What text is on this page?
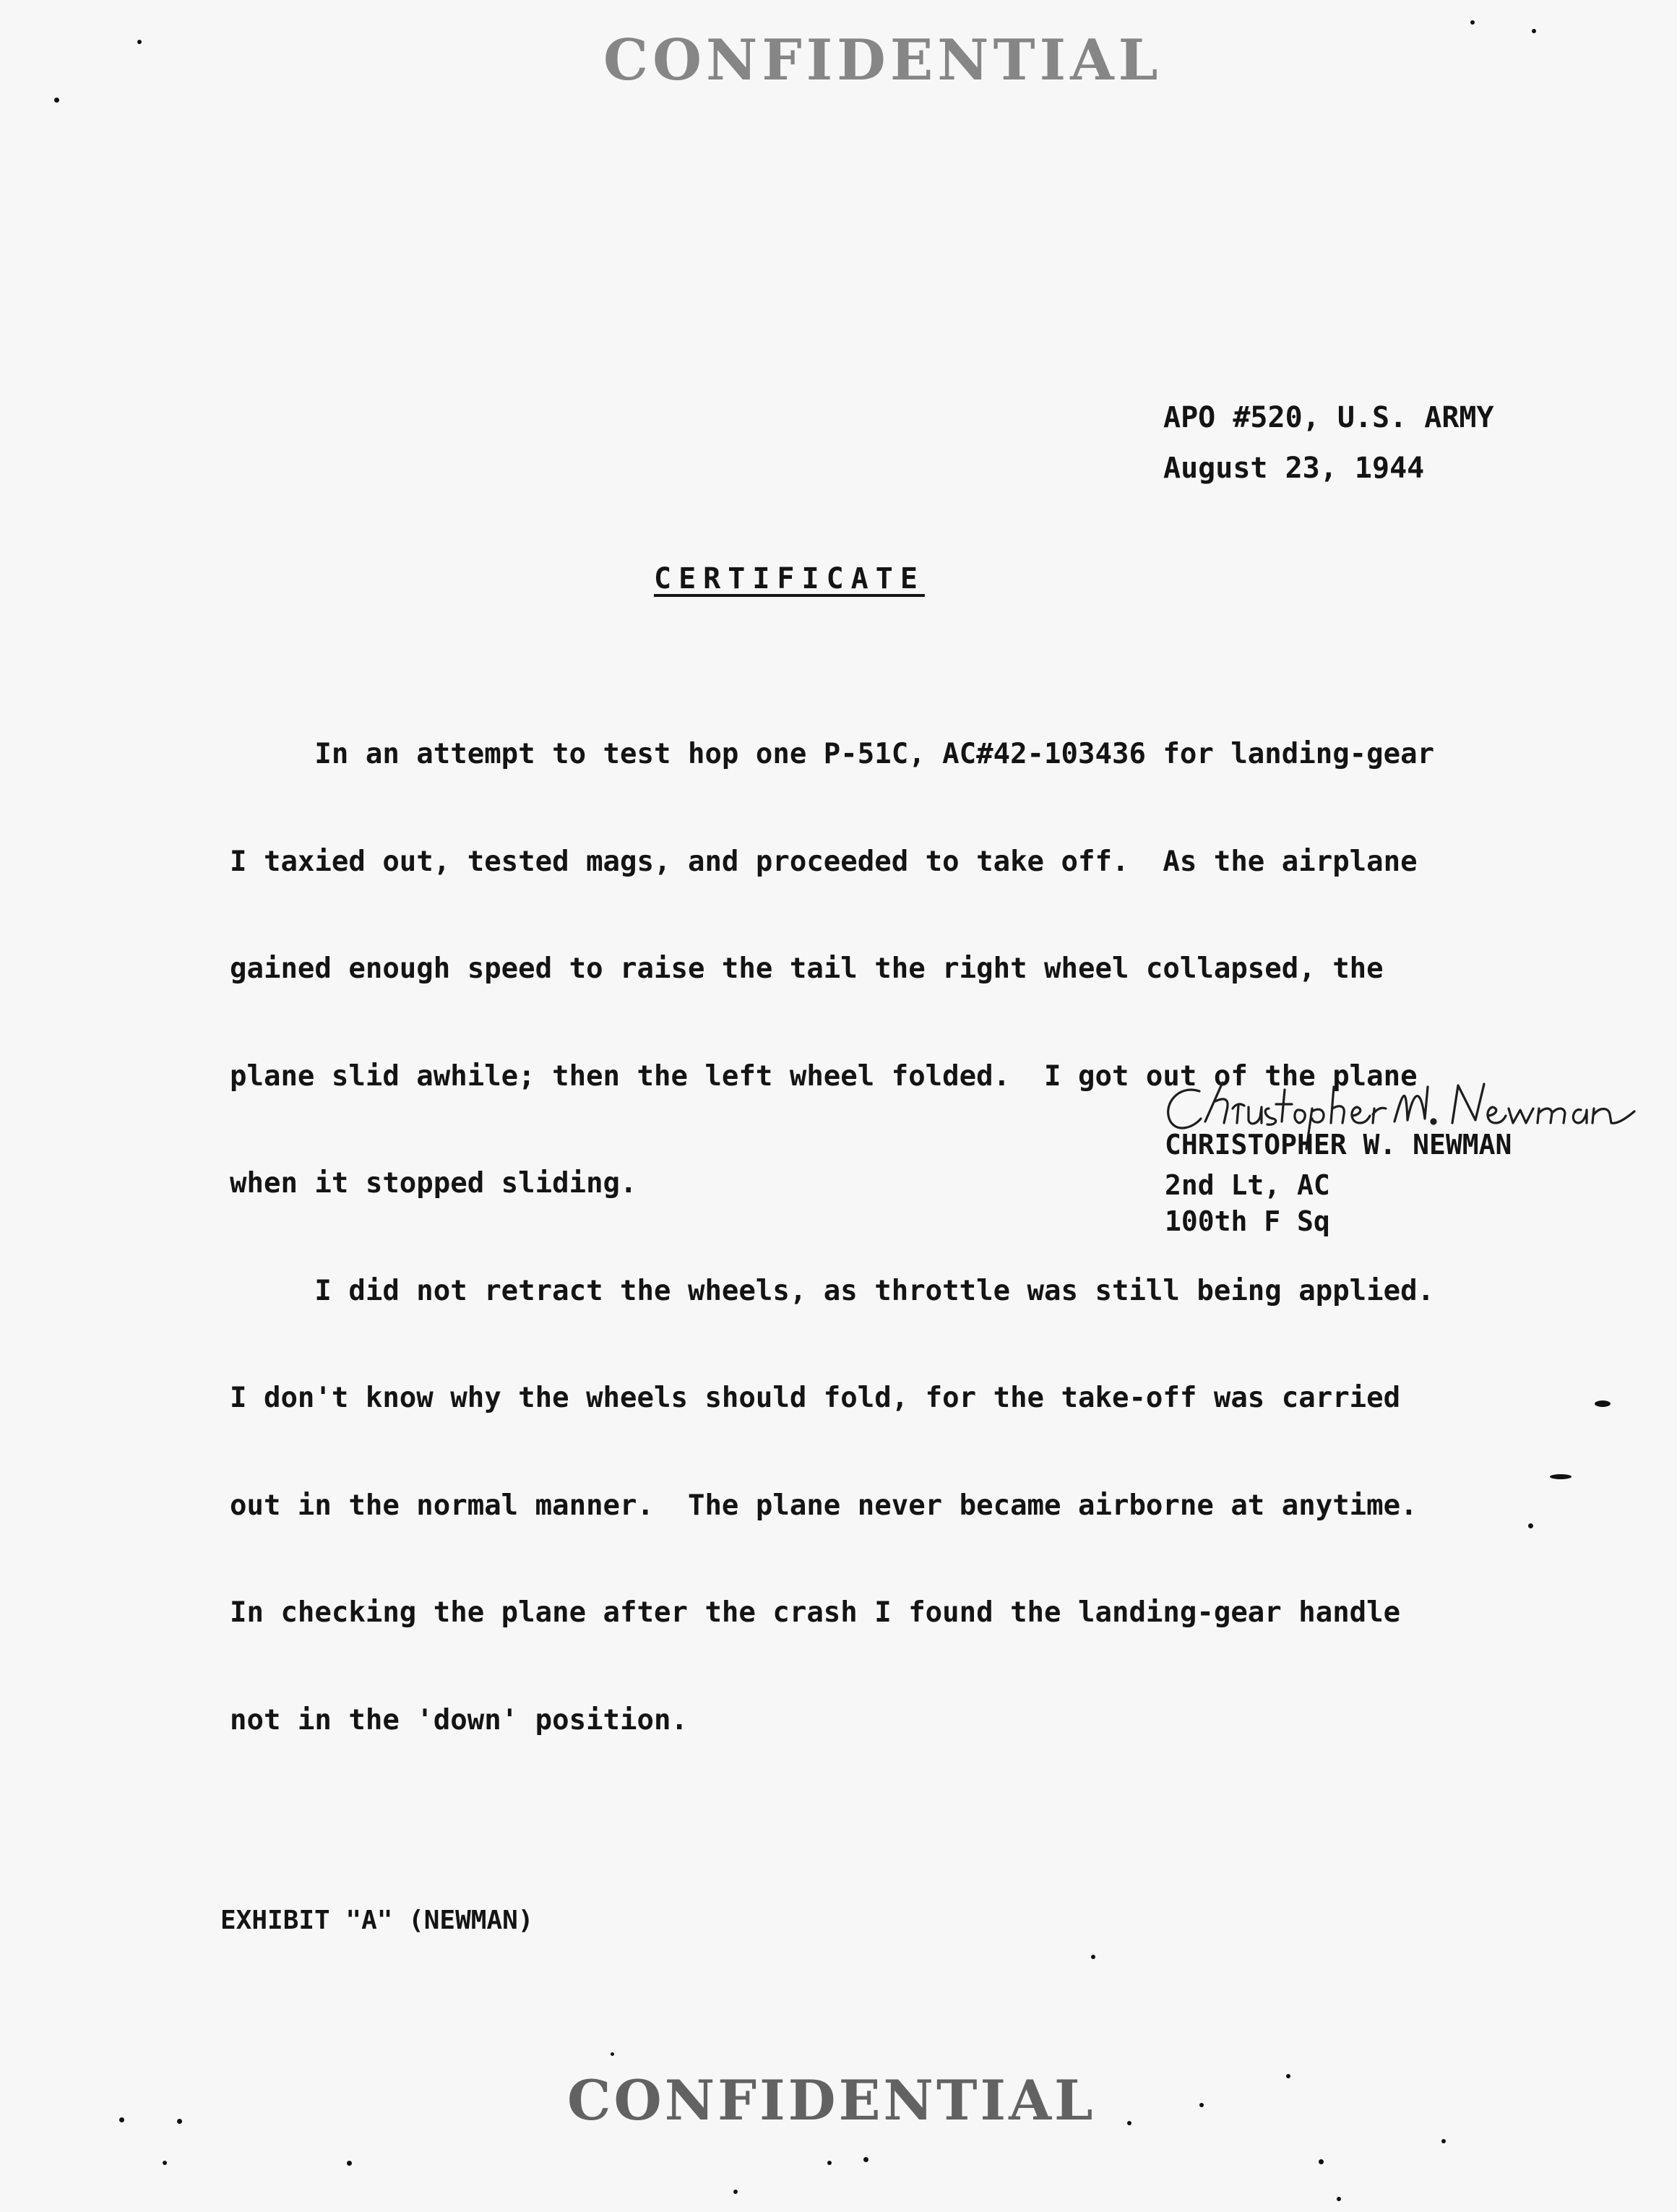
CONFIDENTIAL
APO #520, U.S. ARMY
August 23, 1944
CERTIFICATE

In an attempt to test hop one P-51C, AC#42-103436 for landing-gear

I taxied out, tested mags, and proceeded to take off.  As the airplane

gained enough speed to raise the tail the right wheel collapsed, the

plane slid awhile; then the left wheel folded.  I got out of the plane

when it stopped sliding.

I did not retract the wheels, as throttle was still being applied.

I don't know why the wheels should fold, for the take-off was carried

out in the normal manner.  The plane never became airborne at anytime.

In checking the plane after the crash I found the landing-gear handle

not in the 'down' position.

CHRISTOPHER W. NEWMAN
2nd Lt, AC
100th F Sq
EXHIBIT "A" (NEWMAN)
CONFIDENTIAL
